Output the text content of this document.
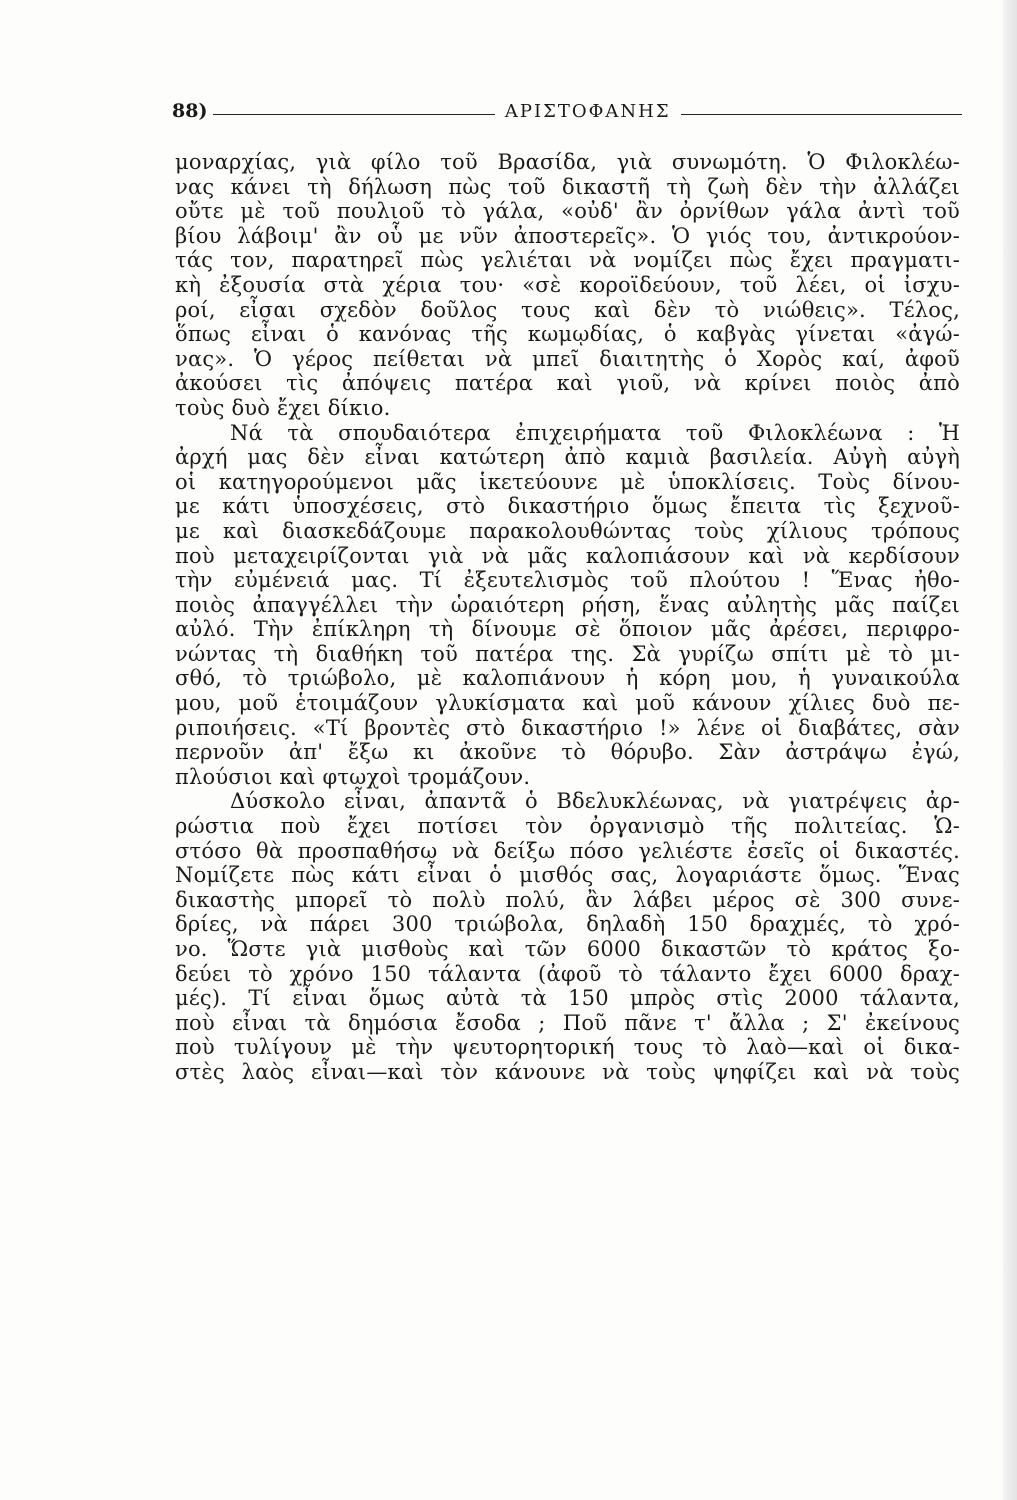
88)	ΑΡΙΣΤΟΦΑΝΗΣ
μοναρχίας, γιὰ φίλο τοῦ Βρασίδα, γιὰ συνωμότη. Ὁ Φιλοκλέω-
νας κάνει τὴ δήλωση πὼς τοῦ δικαστῆ τὴ ζωὴ δὲν τὴν ἀλλάζει
οὔτε μὲ τοῦ πουλιοῦ τὸ γάλα, «οὐδ' ἂν ὀρνίθων γάλα ἀντὶ τοῦ
βίου λάβοιμ' ἂν οὗ με νῦν ἀποστερεῖς». Ὁ γιός του, ἀντικρούον-
τάς τον, παρατηρεῖ πὼς γελιέται νὰ νομίζει πὼς ἔχει πραγματι-
κὴ ἐξουσία στὰ χέρια του· «σὲ κοροϊδεύουν, τοῦ λέει, οἱ ἰσχυ-
ροί, εἶσαι σχεδὸν δοῦλος τους καὶ δὲν τὸ νιώθεις». Τέλος,
ὅπως εἶναι ὁ κανόνας τῆς κωμῳδίας, ὁ καβγὰς γίνεται «ἀγώ-
νας». Ὁ γέρος πείθεται νὰ μπεῖ διαιτητὴς ὁ Χορὸς καί, ἀφοῦ
ἀκούσει τὶς ἀπόψεις πατέρα καὶ γιοῦ, νὰ κρίνει ποιὸς ἀπὸ
τοὺς δυὸ ἔχει δίκιο.
Νά τὰ σπουδαιότερα ἐπιχειρήματα τοῦ Φιλοκλέωνα : Ἡ
ἀρχή μας δὲν εἶναι κατώτερη ἀπὸ καμιὰ βασιλεία. Αὐγὴ αὐγὴ
οἱ κατηγορούμενοι μᾶς ἱκετεύουνε μὲ ὑποκλίσεις. Τοὺς δίνου-
με κάτι ὑποσχέσεις, στὸ δικαστήριο ὅμως ἔπειτα τὶς ξεχνοῦ-
με καὶ διασκεδάζουμε παρακολουθώντας τοὺς χίλιους τρόπους
ποὺ μεταχειρίζονται γιὰ νὰ μᾶς καλοπιάσουν καὶ νὰ κερδίσουν
τὴν εὐμένειά μας. Τί ἐξευτελισμὸς τοῦ πλούτου ! Ἕνας ἠθο-
ποιὸς ἀπαγγέλλει τὴν ὡραιότερη ρήση, ἕνας αὐλητὴς μᾶς παίζει
αὐλό. Τὴν ἐπίκληρη τὴ δίνουμε σὲ ὅποιον μᾶς ἀρέσει, περιφρο-
νώντας τὴ διαθήκη τοῦ πατέρα της. Σὰ γυρίζω σπίτι μὲ τὸ μι-
σθό, τὸ τριώβολο, μὲ καλοπιάνουν ἡ κόρη μου, ἡ γυναικούλα
μου, μοῦ ἑτοιμάζουν γλυκίσματα καὶ μοῦ κάνουν χίλιες δυὸ πε-
ριποιήσεις. «Τί βροντὲς στὸ δικαστήριο !» λένε οἱ διαβάτες, σὰν
περνοῦν ἀπ' ἔξω κι ἀκοῦνε τὸ θόρυβο. Σὰν ἀστράψω ἐγώ,
πλούσιοι καὶ φτωχοὶ τρομάζουν.
Δύσκολο εἶναι, ἀπαντᾶ ὁ Βδελυκλέωνας, νὰ γιατρέψεις ἀρ-
ρώστια ποὺ ἔχει ποτίσει τὸν ὀργανισμὸ τῆς πολιτείας. Ὡ-
στόσο θὰ προσπαθήσω νὰ δείξω πόσο γελιέστε ἐσεῖς οἱ δικαστές.
Νομίζετε πὼς κάτι εἶναι ὁ μισθός σας, λογαριάστε ὅμως. Ἕνας
δικαστὴς μπορεῖ τὸ πολὺ πολύ, ἂν λάβει μέρος σὲ 300 συνε-
δρίες, νὰ πάρει 300 τριώβολα, δηλαδὴ 150 δραχμές, τὸ χρό-
νο. Ὥστε γιὰ μισθοὺς καὶ τῶν 6000 δικαστῶν τὸ κράτος ξο-
δεύει τὸ χρόνο 150 τάλαντα (ἀφοῦ τὸ τάλαντο ἔχει 6000 δραχ-
μές). Τί εἶναι ὅμως αὐτὰ τὰ 150 μπρὸς στὶς 2000 τάλαντα,
ποὺ εἶναι τὰ δημόσια ἔσοδα ; Ποῦ πᾶνε τ' ἄλλα ; Σ' ἐκείνους
ποὺ τυλίγουν μὲ τὴν ψευτορητορική τους τὸ λαὸ—καὶ οἱ δικα-
στὲς λαὸς εἶναι—καὶ τὸν κάνουνε νὰ τοὺς ψηφίζει καὶ νὰ τοὺς
